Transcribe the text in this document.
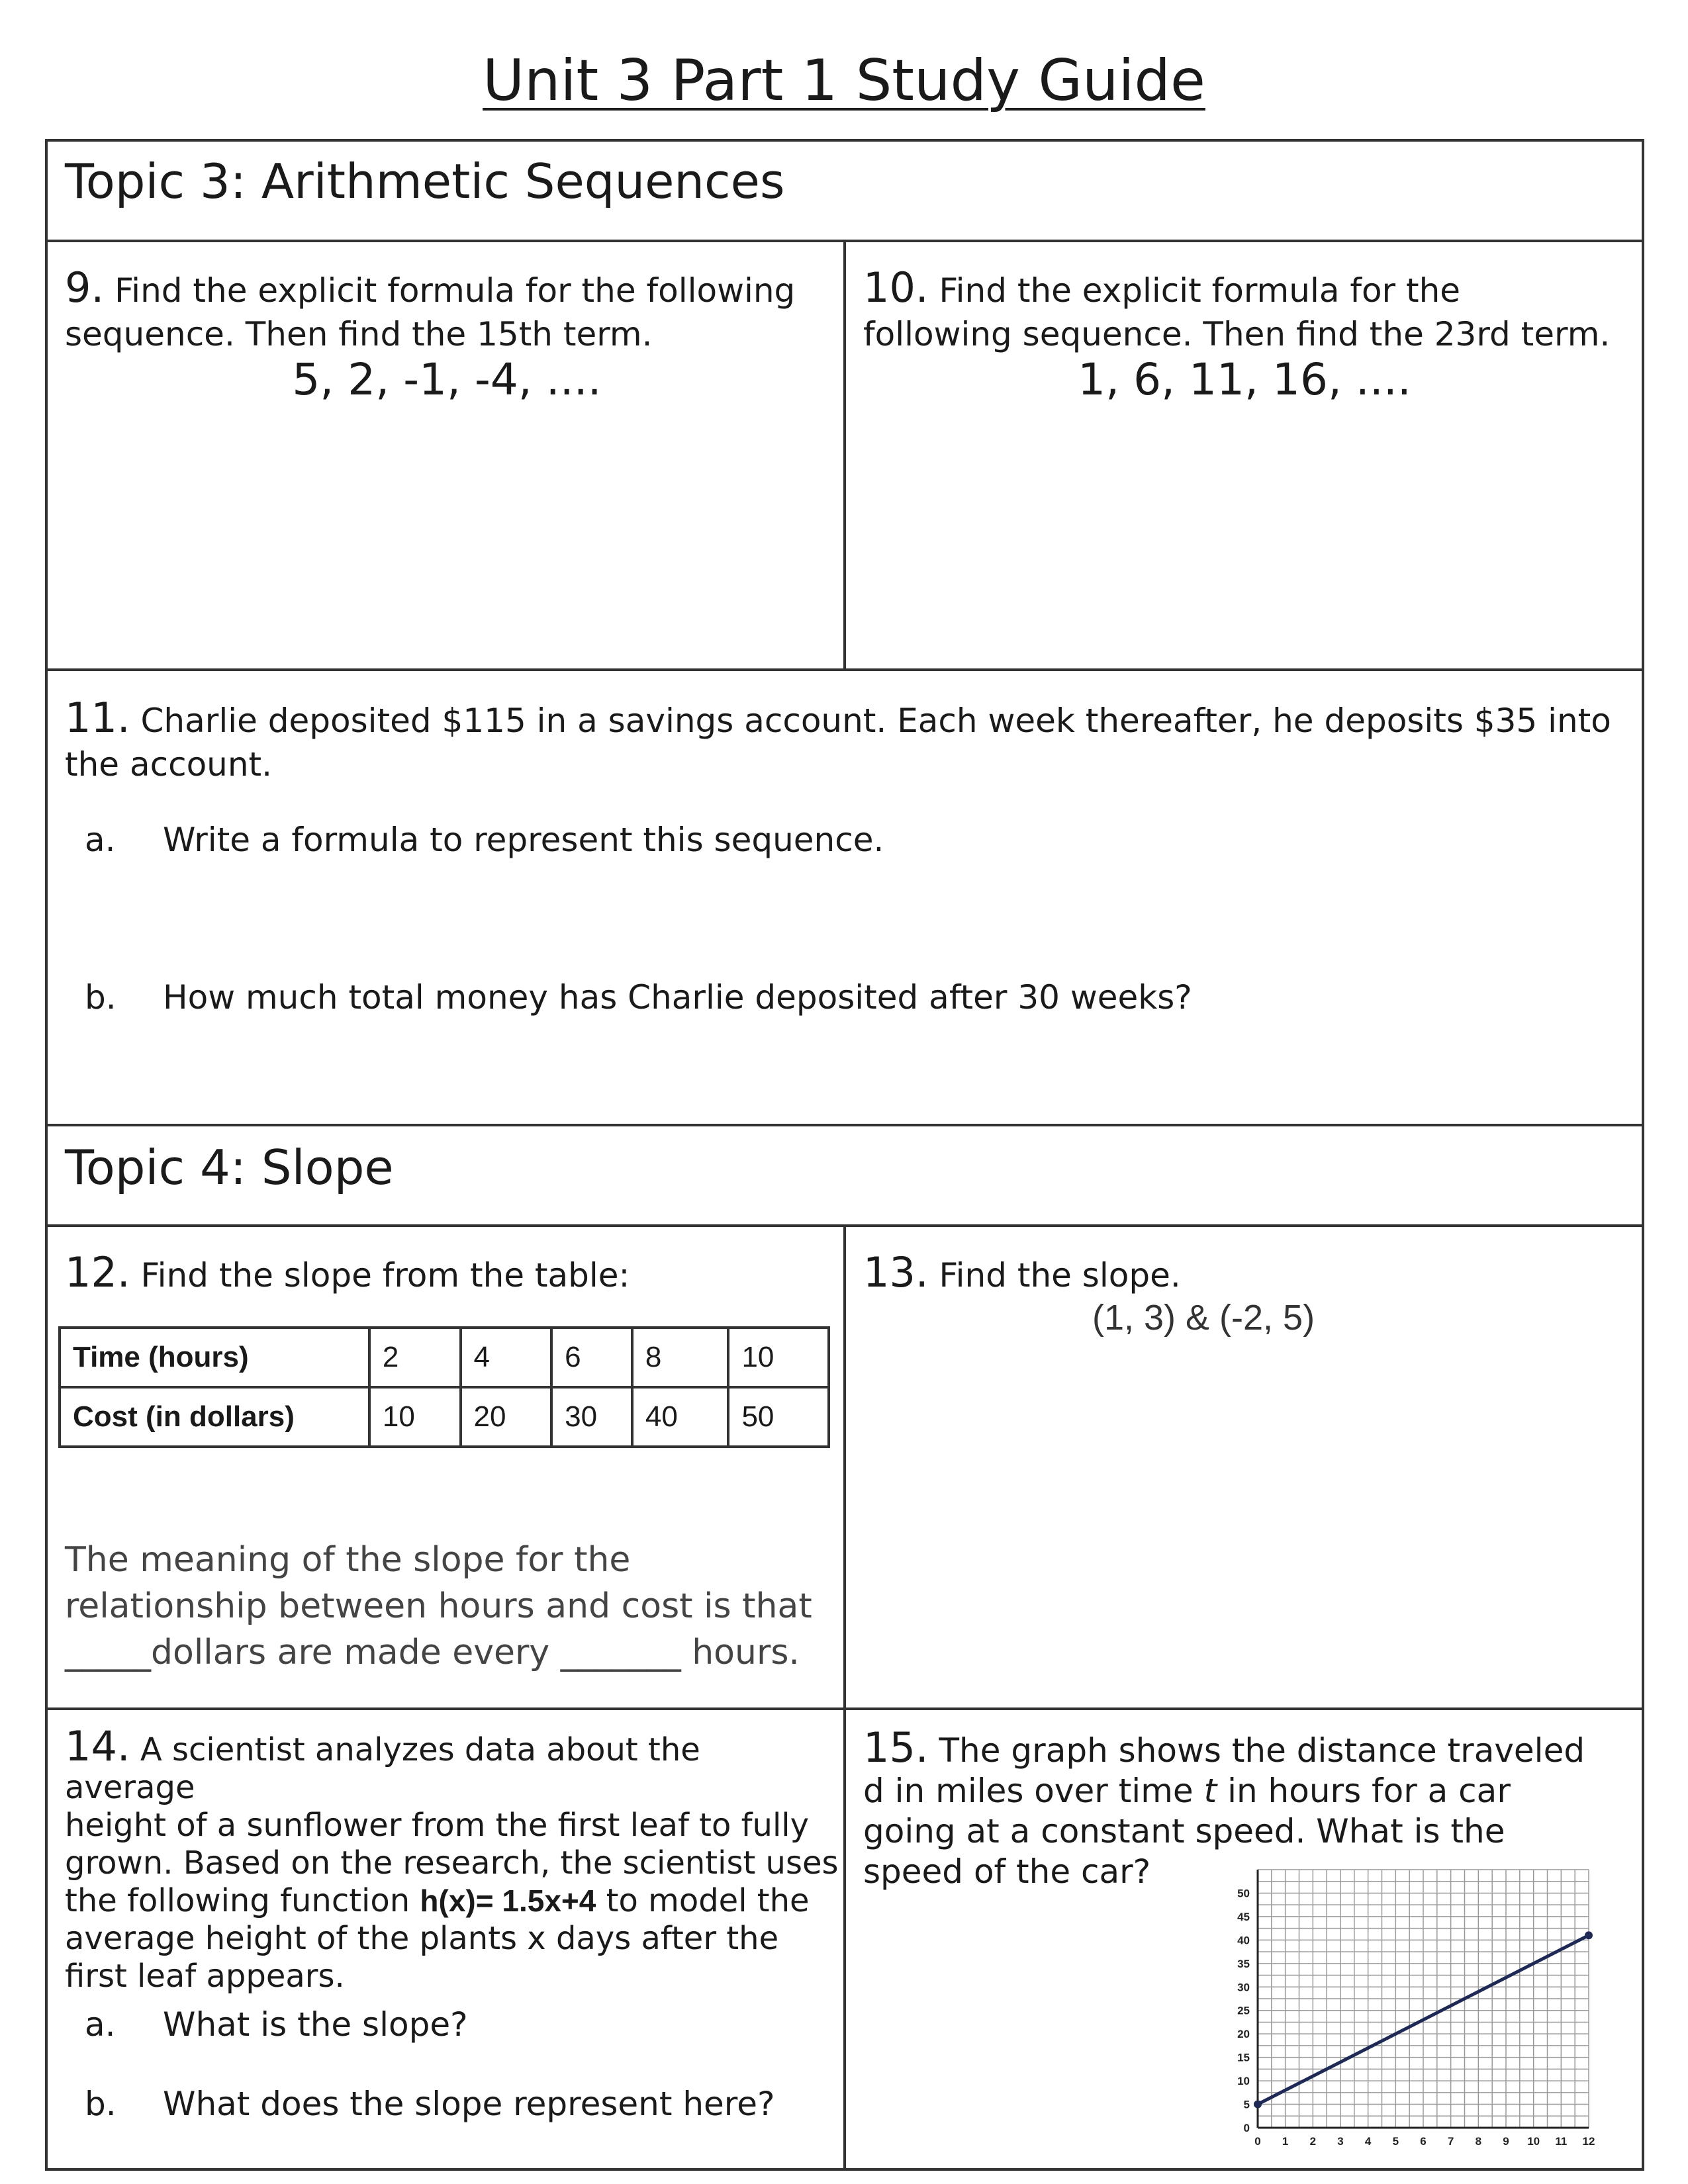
Unit 3 Part 1 Study Guide
Topic 3: Arithmetic Sequences
9. Find the explicit formula for the following
sequence. Then find the 15th term.
5, 2, -1, -4, ....
10. Find the explicit formula for the
following sequence. Then find the 23rd term.
1, 6, 11, 16, ....
11. Charlie deposited $115 in a savings account. Each week thereafter, he deposits $35 into
the account.
a. Write a formula to represent this sequence.
b. How much total money has Charlie deposited after 30 weeks?
Topic 4: Slope
12. Find the slope from the table:
Time (hours)	2	4	6	8	10
Cost (in dollars)	10	20	30	40	50
The meaning of the slope for the
relationship between hours and cost is that
_____dollars are made every _______ hours.
13. Find the slope.
(1, 3) & (-2, 5)
14. A scientist analyzes data about the average
height of a sunflower from the first leaf to fully
grown. Based on the research, the scientist uses
the following function h(x)= 1.5x+4 to model the
average height of the plants x days after the
first leaf appears.
a. What is the slope?
b. What does the slope represent here?
15. The graph shows the distance traveled
d in miles over time t in hours for a car
going at a constant speed. What is the
speed of the car?
0 1 2 3 4 5 6 7 8 9 10 11 12
0
5
10
15
20
25
30
35
40
45
50
